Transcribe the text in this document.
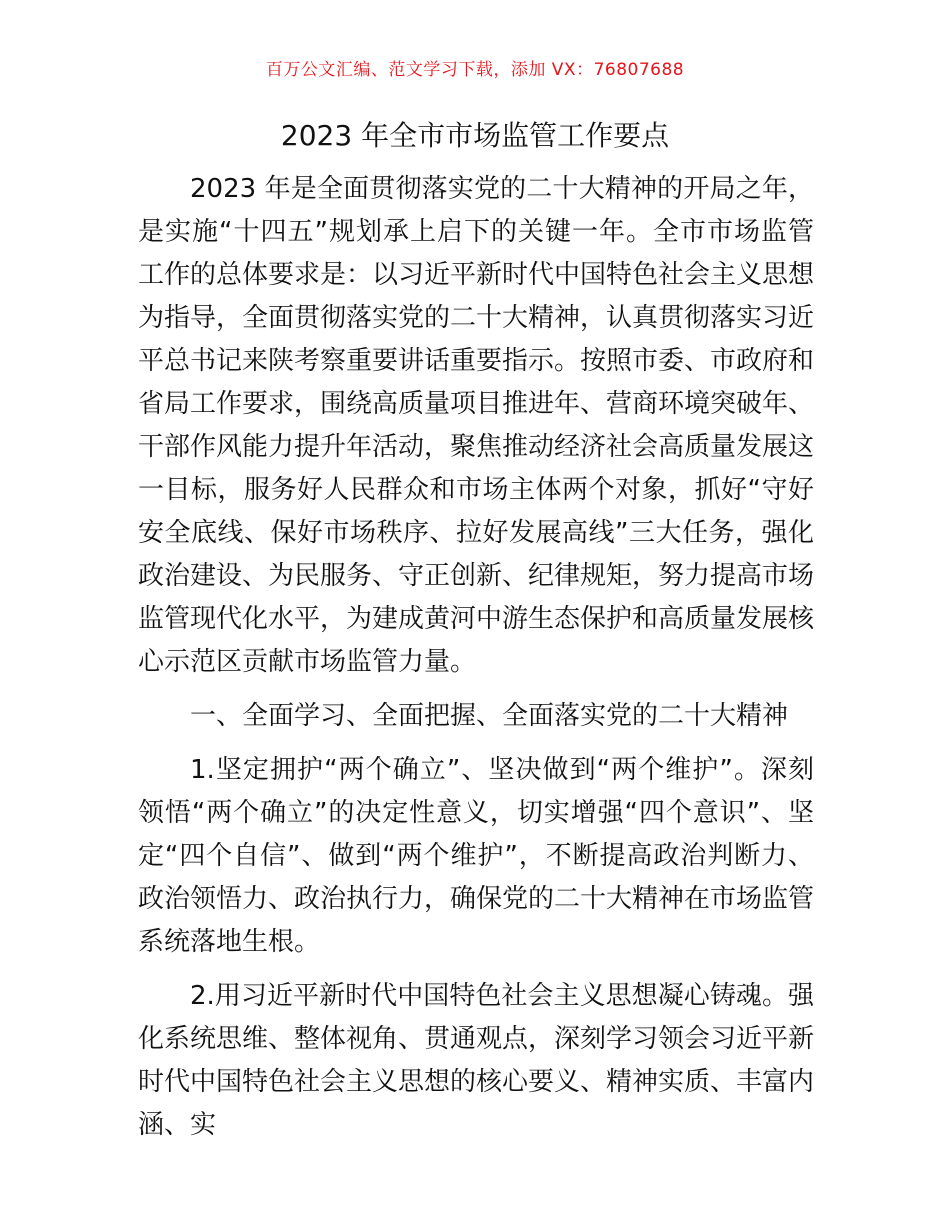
百万公文汇编、范文学习下载，添加 VX：76807688
2023 年全市市场监管工作要点

2023 年是全面贯彻落实党的二十大精神的开局之年，是实施“十四五”规划承上启下的关键一年。全市市场监管工作的总体要求是：以习近平新时代中国特色社会主义思想为指导，全面贯彻落实党的二十大精神，认真贯彻落实习近平总书记来陕考察重要讲话重要指示。按照市委、市政府和省局工作要求，围绕高质量项目推进年、营商环境突破年、干部作风能力提升年活动，聚焦推动经济社会高质量发展这一目标，服务好人民群众和市场主体两个对象，抓好“守好安全底线、保好市场秩序、拉好发展高线”三大任务，强化政治建设、为民服务、守正创新、纪律规矩，努力提高市场监管现代化水平，为建成黄河中游生态保护和高质量发展核心示范区贡献市场监管力量。

一、全面学习、全面把握、全面落实党的二十大精神

1.坚定拥护“两个确立”、坚决做到“两个维护”。深刻领悟“两个确立”的决定性意义，切实增强“四个意识”、坚定“四个自信”、做到“两个维护”，不断提高政治判断力、政治领悟力、政治执行力，确保党的二十大精神在市场监管系统落地生根。

2.用习近平新时代中国特色社会主义思想凝心铸魂。强化系统思维、整体视角、贯通观点，深刻学习领会习近平新时代中国特色社会主义思想的核心要义、精神实质、丰富内涵、实
